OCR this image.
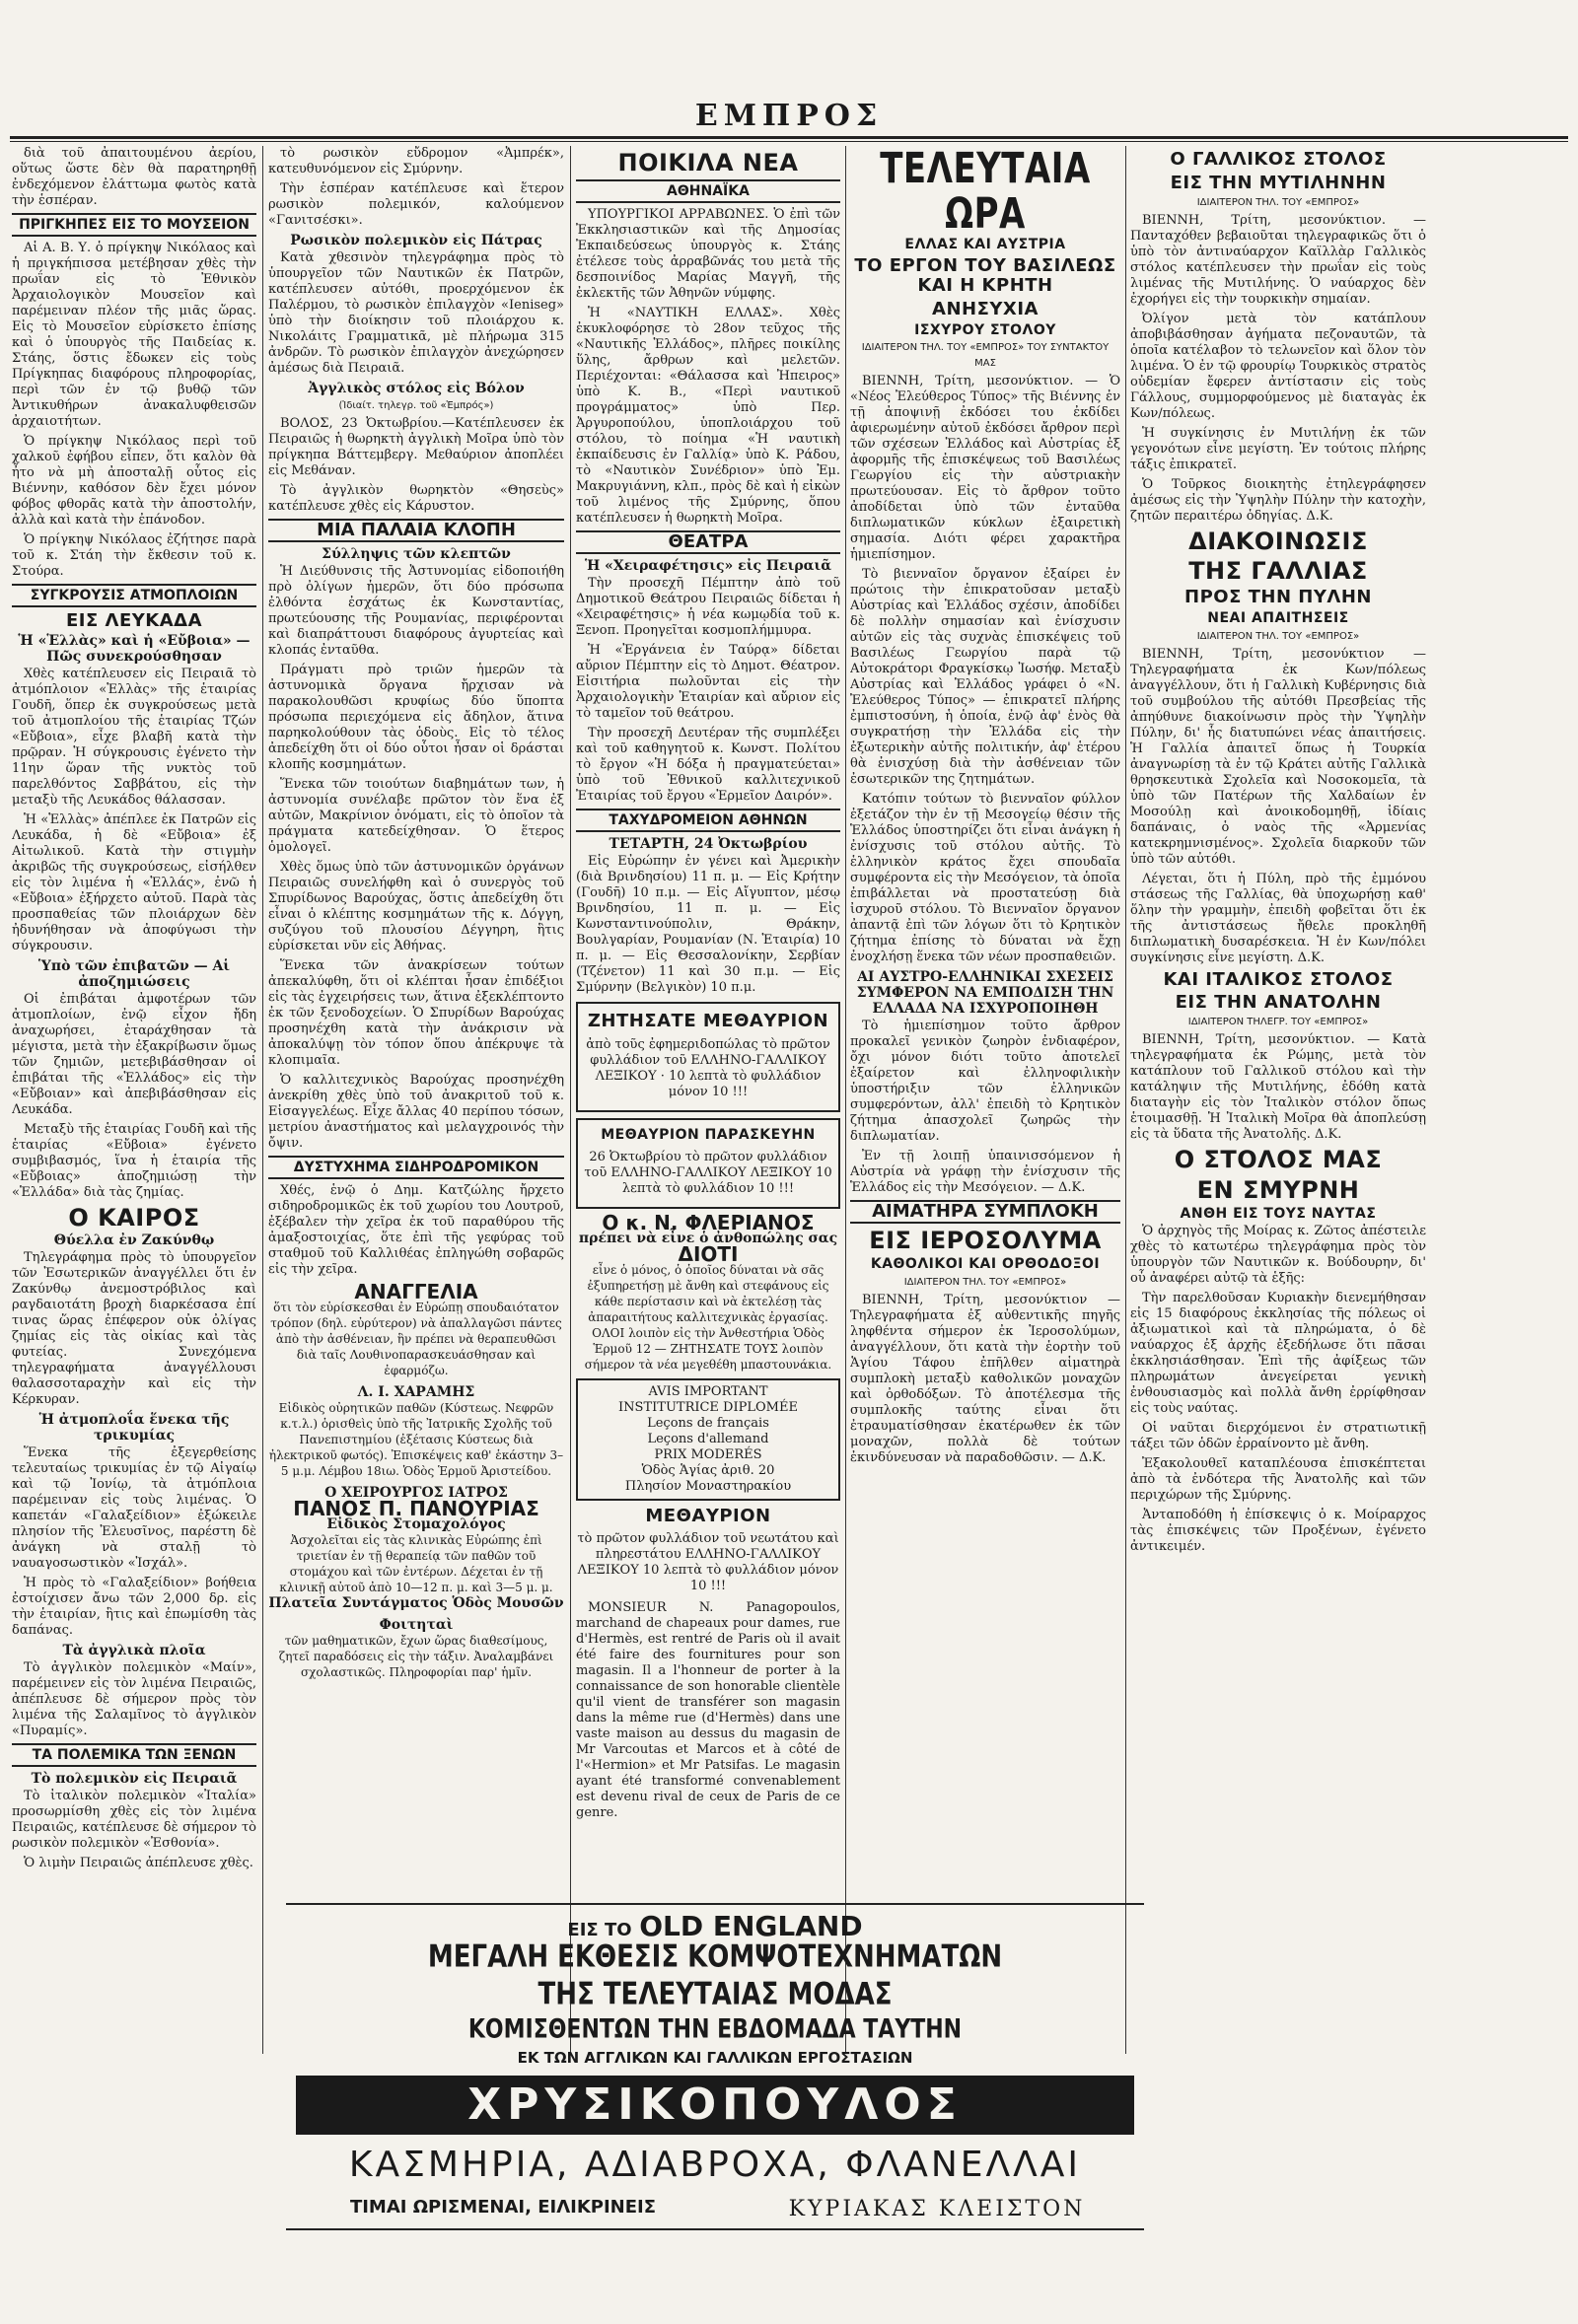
ΕΜΠΡΟΣ

διὰ τοῦ ἀπαιτουμένου ἀερίου, οὕτως ὥστε δὲν θὰ παρατηρηθῇ ἐνδεχόμενον ἐλάττωμα φωτὸς κατὰ τὴν ἑσπέραν.

ΠΡΙΓΚΗΠΕΣ ΕΙΣ ΤΟ ΜΟΥΣΕΙΟΝ

Αἱ Α. Β. Υ. ὁ πρίγκηψ Νικόλαος καὶ ἡ πριγκήπισσα μετέβησαν χθὲς τὴν πρωΐαν εἰς τὸ Ἐθνικὸν Ἀρχαιολογικὸν Μουσεῖον καὶ παρέμειναν πλέον τῆς μιᾶς ὥρας. Εἰς τὸ Μουσεῖον εὑρίσκετο ἐπίσης καὶ ὁ ὑπουργὸς τῆς Παιδείας κ. Στάης, ὅστις ἔδωκεν εἰς τοὺς Πρίγκηπας διαφόρους πληροφορίας, περὶ τῶν ἐν τῷ βυθῷ τῶν Ἀντικυθήρων ἀνακαλυφθεισῶν ἀρχαιοτήτων.

Ὁ πρίγκηψ Νικόλαος περὶ τοῦ χαλκοῦ ἐφήβου εἶπεν, ὅτι καλὸν θὰ ἦτο νὰ μὴ ἀποσταλῇ οὗτος εἰς Βιέννην, καθόσον δὲν ἔχει μόνον φόβος φθορᾶς κατὰ τὴν ἀποστολήν, ἀλλὰ καὶ κατὰ τὴν ἐπάνοδον.

Ὁ πρίγκηψ Νικόλαος ἐζήτησε παρὰ τοῦ κ. Στάη τὴν ἔκθεσιν τοῦ κ. Στούρα.

ΣΥΓΚΡΟΥΣΙΣ ΑΤΜΟΠΛΟΙΩΝ
ΕΙΣ ΛΕΥΚΑΔΑ
Ἡ «Ἑλλὰς» καὶ ἡ «Εὔβοια» — Πῶς συνεκρούσθησαν

Χθὲς κατέπλευσεν εἰς Πειραιᾶ τὸ ἀτμόπλοιον «Ἑλλὰς» τῆς ἑταιρίας Γουδῆ, ὅπερ ἐκ συγκρούσεως μετὰ τοῦ ἀτμοπλοίου τῆς ἑταιρίας Τζών «Εὔβοια», εἶχε βλαβῆ κατὰ τὴν πρῷραν. Ἡ σύγκρουσις ἐγένετο τὴν 11ην ὥραν τῆς νυκτὸς τοῦ παρελθόντος Σαββάτου, εἰς τὴν μεταξὺ τῆς Λευκάδος θάλασσαν.

Ἡ «Ἑλλὰς» ἀπέπλεε ἐκ Πατρῶν εἰς Λευκάδα, ἡ δὲ «Εὔβοια» ἐξ Αἰτωλικοῦ. Κατὰ τὴν στιγμὴν ἀκριβῶς τῆς συγκρούσεως, εἰσήλθεν εἰς τὸν λιμένα ἡ «Ἑλλάς», ἐνῶ ἡ «Εὔβοια» ἐξήρχετο αὐτοῦ. Παρὰ τὰς προσπαθείας τῶν πλοιάρχων δὲν ἠδυνήθησαν νὰ ἀποφύγωσι τὴν σύγκρουσιν.

Ὑπὸ τῶν ἐπιβατῶν — Αἱ ἀποζημιώσεις

Οἱ ἐπιβάται ἀμφοτέρων τῶν ἀτμοπλοίων, ἐνῷ εἶχον ἤδη ἀναχωρήσει, ἐταράχθησαν τὰ μέγιστα, μετὰ τὴν ἐξακρίβωσιν ὅμως τῶν ζημιῶν, μετεβιβάσθησαν οἱ ἐπιβάται τῆς «Ἑλλάδος» εἰς τὴν «Εὔβοιαν» καὶ ἀπεβιβάσθησαν εἰς Λευκάδα.

Μεταξὺ τῆς ἑταιρίας Γουδῆ καὶ τῆς ἑταιρίας «Εὔβοια» ἐγένετο συμβιβασμός, ἵνα ἡ ἑταιρία τῆς «Εὔβοιας» ἀποζημιώσῃ τὴν «Ἑλλάδα» διὰ τὰς ζημίας.

Ο ΚΑΙΡΟΣ
Θύελλα ἐν Ζακύνθῳ

Τηλεγράφημα πρὸς τὸ ὑπουργεῖον τῶν Ἐσωτερικῶν ἀναγγέλλει ὅτι ἐν Ζακύνθῳ ἀνεμοστρόβιλος καὶ ραγδαιοτάτη βροχὴ διαρκέσασα ἐπί τινας ὥρας ἐπέφερον οὐκ ὀλίγας ζημίας εἰς τὰς οἰκίας καὶ τὰς φυτείας. Συνεχόμενα τηλεγραφήματα ἀναγγέλλουσι θαλασσοταραχὴν καὶ εἰς τὴν Κέρκυραν.

Ἡ ἀτμοπλοΐα ἕνεκα τῆς τρικυμίας

Ἕνεκα τῆς ἐξεγερθείσης τελευταίως τρικυμίας ἐν τῷ Αἰγαίῳ καὶ τῷ Ἰονίῳ, τὰ ἀτμόπλοια παρέμειναν εἰς τοὺς λιμένας. Ὁ καπετάν «Γαλαξείδιον» ἐξώκειλε πλησίον τῆς Ἐλευσῖνος, παρέστη δὲ ἀνάγκη νὰ σταλῇ τὸ ναυαγοσωστικὸν «Ἰσχάλ».

Ἡ πρὸς τὸ «Γαλαξείδιον» βοήθεια ἐστοίχισεν ἄνω τῶν 2,000 δρ. εἰς τὴν ἑταιρίαν, ἣτις καὶ ἐπωμίσθη τὰς δαπάνας.

Τὰ ἀγγλικὰ πλοῖα

Τὸ ἀγγλικὸν πολεμικὸν «Μαίν», παρέμεινεν εἰς τὸν λιμένα Πειραιῶς, ἀπέπλευσε δὲ σήμερον πρὸς τὸν λιμένα τῆς Σαλαμῖνος τὸ ἀγγλικὸν «Πυραμίς».

ΤΑ ΠΟΛΕΜΙΚΑ ΤΩΝ ΞΕΝΩΝ
Τὸ πολεμικὸν εἰς Πειραιᾶ

Τὸ ἰταλικὸν πολεμικὸν «Ἰταλία» προσωρμίσθη χθὲς εἰς τὸν λιμένα Πειραιῶς, κατέπλευσε δὲ σήμερον τὸ ρωσικὸν πολεμικὸν «Ἐσθονία».

Ὁ λιμὴν Πειραιῶς ἀπέπλευσε χθὲς.

τὸ ρωσικὸν εὔδρομον «Ἀμπρέκ», κατευθυνόμενον εἰς Σμύρνην.

Τὴν ἑσπέραν κατέπλευσε καὶ ἕτερον ρωσικὸν πολεμικόν, καλούμενον «Γανιτσέσκι».

Ρωσικὸν πολεμικὸν εἰς Πάτρας

Κατὰ χθεσινὸν τηλεγράφημα πρὸς τὸ ὑπουργεῖον τῶν Ναυτικῶν ἐκ Πατρῶν, κατέπλευσεν αὐτόθι, προερχόμενον ἐκ Παλέρμου, τὸ ρωσικὸν ἐπιλαγχὸν «Ieniseg» ὑπὸ τὴν διοίκησιν τοῦ πλοιάρχου κ. Νικολάιτς Γραμματικᾶ, μὲ πλήρωμα 315 ἀνδρῶν. Τὸ ρωσικὸν ἐπιλαγχὸν ἀνεχώρησεν ἀμέσως διὰ Πειραιᾶ.

Ἀγγλικὸς στόλος εἰς Βόλον
(Ἰδιαίτ. τηλεγρ. τοῦ «Ἐμπρός»)

ΒΟΛΟΣ, 23 Ὀκτωβρίου.—Κατέπλευσεν ἐκ Πειραιῶς ἡ θωρηκτὴ ἀγγλικὴ Μοῖρα ὑπὸ τὸν πρίγκηπα Βάττεμβεργ. Μεθαύριον ἀποπλέει εἰς Μεθάναν.

Τὸ ἀγγλικὸν θωρηκτὸν «Θησεὺς» κατέπλευσε χθὲς εἰς Κάρυστον.

ΜΙΑ ΠΑΛΑΙΑ ΚΛΟΠΗ
Σύλληψις τῶν κλεπτῶν

Ἡ Διεύθυνσις τῆς Ἀστυνομίας εἰδοποιήθη πρὸ ὀλίγων ἡμερῶν, ὅτι δύο πρόσωπα ἐλθόντα ἐσχάτως ἐκ Κωνσταντίας, πρωτεύουσης τῆς Ρουμανίας, περιφέρονται καὶ διαπράττουσι διαφόρους ἀγυρτείας καὶ κλοπάς ἐνταῦθα.

Πράγματι πρὸ τριῶν ἡμερῶν τὰ ἀστυνομικὰ ὄργανα ἤρχισαν νὰ παρακολουθῶσι κρυφίως δύο ὕποπτα πρόσωπα περιεχόμενα εἰς ἄδηλον, ἅτινα παρηκολούθουν τὰς ὁδοὺς. Εἰς τὸ τέλος ἀπεδείχθη ὅτι οἱ δύο οὗτοι ἦσαν οἱ δράσται κλοπῆς κοσμημάτων.

Ἕνεκα τῶν τοιούτων διαβημάτων των, ἡ ἀστυνομία συνέλαβε πρῶτον τὸν ἕνα ἐξ αὐτῶν, Μακρίνιον ὀνόματι, εἰς τὸ ὁποῖον τὰ πράγματα κατεδείχθησαν. Ὁ ἕτερος ὁμολογεῖ.

Χθὲς ὅμως ὑπὸ τῶν ἀστυνομικῶν ὀργάνων Πειραιῶς συνελήφθη καὶ ὁ συνεργὸς τοῦ Σπυρίδωνος Βαρούχας, ὅστις ἀπεδείχθη ὅτι εἶναι ὁ κλέπτης κοσμημάτων τῆς κ. Δόγγη, συζύγου τοῦ πλουσίου Δέγγηρη, ἣτις εὑρίσκεται νῦν εἰς Ἀθήνας.

Ἕνεκα τῶν ἀνακρίσεων τούτων ἀπεκαλύφθη, ὅτι οἱ κλέπται ἦσαν ἐπιδέξιοι εἰς τὰς ἐγχειρήσεις των, ἅτινα ἐξεκλέπτοντο ἐκ τῶν ξενοδοχείων. Ὁ Σπυρίδων Βαρούχας προσηνέχθη κατὰ τὴν ἀνάκρισιν νὰ ἀποκαλύψῃ τὸν τόπον ὅπου ἀπέκρυψε τὰ κλοπιμαῖα.

Ὁ καλλιτεχνικὸς Βαρούχας προσηνέχθη ἀνεκρίθη χθὲς ὑπὸ τοῦ ἀνακριτοῦ τοῦ κ. Εἰσαγγελέως. Εἶχε ἄλλας 40 περίπου τόσων, μετρίου ἀναστήματος καὶ μελαγχροινός τὴν ὄψιν.

ΔΥΣΤΥΧΗΜΑ ΣΙΔΗΡΟΔΡΟΜΙΚΟΝ

Χθές, ἑνῷ ὁ Δημ. Κατζώλης ἤρχετο σιδηροδρομικῶς ἐκ τοῦ χωρίου του Λουτροῦ, ἐξέβαλεν τὴν χεῖρα ἐκ τοῦ παραθύρου τῆς ἀμαξοστοιχίας, ὅτε ἐπὶ τῆς γεφύρας τοῦ σταθμοῦ τοῦ Καλλιθέας ἐπληγώθη σοβαρῶς εἰς τὴν χεῖρα.

ΑΝΑΓΓΕΛΙΑ
ὅτι τὸν εὑρίσκεσθαι ἐν Εὐρώπῃ σπουδαιότατον τρόπον (δηλ. εὐρύτερον) νὰ ἀπαλλαγῶσι πάντες ἀπὸ τὴν ἀσθένειαν, ἣν πρέπει νὰ θεραπευθῶσι διὰ ταῖς Λουθινοπαρασκευάσθησαν καὶ ἐφαρμόζω.
Λ. Ι. ΧΑΡΑΜΗΣ
Εἰδικὸς οὐρητικῶν παθῶν (Κύστεως. Νεφρῶν κ.τ.λ.) ὁρισθεὶς ὑπὸ τῆς Ἰατρικῆς Σχολῆς τοῦ Πανεπιστημίου (ἐξέτασις Κύστεως διὰ ἠλεκτρικοῦ φωτός). Ἐπισκέψεις καθ' ἑκάστην 3–5 μ.μ. Λέμβου 18ιω. Ὁδὸς Ἑρμοῦ Ἀριστείδου.
Ο ΧΕΙΡΟΥΡΓΟΣ ΙΑΤΡΟΣ
ΠΑΝΟΣ Π. ΠΑΝΟΥΡΙΑΣ
Εἰδικὸς Στομαχολόγος
Ἀσχολεῖται εἰς τὰς κλινικὰς Εὐρώπης ἐπὶ τριετίαν ἐν τῇ θεραπείᾳ τῶν παθῶν τοῦ στομάχου καὶ τῶν ἐντέρων. Δέχεται ἐν τῇ κλινικῇ αὐτοῦ ἀπὸ 10—12 π. μ. καὶ 3—5 μ. μ.
Πλατεῖα Συντάγματος Ὁδὸς Μουσῶν
Φοιτηταὶ
τῶν μαθηματικῶν, ἔχων ὥρας διαθεσίμους, ζητεῖ παραδόσεις εἰς τὴν τάξιν. Ἀναλαμβάνει σχολαστικῶς. Πληροφορίαι παρ' ἡμῖν.
ΠΟΙΚΙΛΑ ΝΕΑ
ΑΘΗΝΑΪΚΑ

ΥΠΟΥΡΓΙΚΟΙ ΑΡΡΑΒΩΝΕΣ. Ὁ ἐπὶ τῶν Ἐκκλησιαστικῶν καὶ τῆς Δημοσίας Ἐκπαιδεύσεως ὑπουργὸς κ. Στάης ἐτέλεσε τοὺς ἀρραβῶνάς του μετὰ τῆς δεσποινίδος Μαρίας Μαγγῆ, τῆς ἐκλεκτῆς τῶν Ἀθηνῶν νύμφης.

Ἡ «ΝΑΥΤΙΚΗ ΕΛΛΑΣ». Χθὲς ἐκυκλοφόρησε τὸ 28ον τεῦχος τῆς «Ναυτικῆς Ἑλλάδος», πλῆρες ποικίλης ὕλης, ἄρθρων καὶ μελετῶν. Περιέχονται: «Θάλασσα καὶ Ἠπειρος» ὑπὸ Κ. Β., «Περὶ ναυτικοῦ προγράμματος» ὑπὸ Περ. Ἀργυροπούλου, ὑποπλοιάρχου τοῦ στόλου, τὸ ποίημα «Ἡ ναυτικὴ ἐκπαίδευσις ἐν Γαλλίᾳ» ὑπὸ Κ. Ράδου, τὸ «Ναυτικὸν Συνέδριον» ὑπὸ Ἐμ. Μακρυγιάννη, κλπ., πρὸς δὲ καὶ ἡ εἰκὼν τοῦ λιμένος τῆς Σμύρνης, ὅπου κατέπλευσεν ἡ θωρηκτὴ Μοῖρα.

ΘΕΑΤΡΑ
Ἡ «Χειραφέτησις» εἰς Πειραιᾶ

Τὴν προσεχῆ Πέμπτην ἀπὸ τοῦ Δημοτικοῦ Θεάτρου Πειραιῶς δίδεται ἡ «Χειραφέτησις» ἡ νέα κωμῳδία τοῦ κ. Ξενοπ. Προηγεῖται κοσμοπλήμμυρα.

Ἡ «Ἐργάνεια ἐν Ταύρᾳ» δίδεται αὔριον Πέμπτην εἰς τὸ Δημοτ. Θέατρον. Εἰσιτήρια πωλοῦνται εἰς τὴν Ἀρχαιολογικὴν Ἑταιρίαν καὶ αὔριον εἰς τὸ ταμεῖον τοῦ θεάτρου.

Τὴν προσεχῆ Δευτέραν τῆς συμπλέξει καὶ τοῦ καθηγητοῦ κ. Κωνστ. Πολίτου τὸ ἔργον «Ἡ δόξα ἡ πραγματεύεται» ὑπὸ τοῦ Ἐθνικοῦ καλλιτεχνικοῦ Ἐταιρίας τοῦ ἔργου «Ἐρμεῖον Δαιρόν».

ΤΑΧΥΔΡΟΜΕΙΟΝ ΑΘΗΝΩΝ
ΤΕΤΑΡΤΗ, 24 Ὀκτωβρίου

Εἰς Εὐρώπην ἐν γένει καὶ Ἀμερικὴν (διὰ Βρινδησίου) 11 π. μ. — Εἰς Κρήτην (Γουδῆ) 10 π.μ. — Εἰς Αἴγυπτον, μέσῳ Βρινδησίου, 11 π. μ. — Εἰς Κωνσταντινούπολιν, Θράκην, Βουλγαρίαν, Ρουμανίαν (Ν. Ἑταιρία) 10 π. μ. — Εἰς Θεσσαλονίκην, Σερβίαν (Τζένετον) 11 καὶ 30 π.μ. — Εἰς Σμύρνην (Βελγικὸν) 10 π.μ.

ΖΗΤΗΣΑΤΕ ΜΕΘΑΥΡΙΟΝ
ἀπὸ τοῦς ἐφημεριδοπώλας τὸ πρῶτον φυλλάδιον τοῦ ΕΛΛΗΝΟ-ΓΑΛΛΙΚΟΥ ΛΕΞΙΚΟΥ · 10 λεπτὰ τὸ φυλλάδιον μόνον 10 !!!
ΜΕΘΑΥΡΙΟΝ ΠΑΡΑΣΚΕΥΗΝ
26 Ὀκτωβρίου τὸ πρῶτον φυλλάδιον τοῦ ΕΛΛΗΝΟ-ΓΑΛΛΙΚΟΥ ΛΕΞΙΚΟΥ 10 λεπτὰ τὸ φυλλάδιον 10 !!!
Ο κ. Ν. ΦΛΕΡΙΑΝΟΣ
πρέπει νὰ εἶνε ὁ ἀνθοπώλης σας
ΔΙΟΤΙ
εἶνε ὁ μόνος, ὁ ὁποῖος δύναται νὰ σᾶς ἐξυπηρετήσῃ μὲ ἄνθη καὶ στεφάνους εἰς κάθε περίστασιν καὶ νὰ ἐκτελέσῃ τὰς ἀπαραιτήτους καλλιτεχνικὰς ἐργασίας.
ΟΛΟΙ λοιπὸν εἰς τὴν Ἀνθεστήρια Ὁδὸς Ἑρμοῦ 12 — ΖΗΤΗΣΑΤΕ ΤΟΥΣ λοιπὸν σήμερον τὰ νέα μεγεθέθη μπαστουνάκια.
AVIS IMPORTANT
INSTITUTRICE DIPLOMÉE
Leçons de français
Leçons d'allemand
PRIX MODERÉS
Ὁδὸς Ἁγίας ἀριθ. 20
Πλησίον Μοναστηρακίου
ΜΕΘΑΥΡΙΟΝ
τὸ πρῶτον φυλλάδιον τοῦ νεωτάτου καὶ πληρεστάτου ΕΛΛΗΝΟ-ΓΑΛΛΙΚΟΥ ΛΕΞΙΚΟΥ 10 λεπτὰ τὸ φυλλάδιον μόνον 10 !!!

MONSIEUR N. Panagopoulos, marchand de chapeaux pour dames, rue d'Hermès, est rentré de Paris où il avait été faire des fournitures pour son magasin. Il a l'honneur de porter à la connaissance de son honorable clientèle qu'il vient de transférer son magasin dans la même rue (d'Hermès) dans une vaste maison au dessus du magasin de Mr Varcoutas et Marcos et à côté de l'«Hermion» et Mr Patsifas. Le magasin ayant été transformé convenablement est devenu rival de ceux de Paris de ce genre.

ΤΕΛΕΥΤΑΙΑ ΩΡΑ
ΕΛΛΑΣ ΚΑΙ ΑΥΣΤΡΙΑ
ΤΟ ΕΡΓΟΝ ΤΟΥ ΒΑΣΙΛΕΩΣ ΚΑΙ Η ΚΡΗΤΗ
ΑΝΗΣΥΧΙΑ
ΙΣΧΥΡΟΥ ΣΤΟΛΟΥ
ΙΔΙΑΙΤΕΡΟΝ ΤΗΛ. ΤΟΥ «ΕΜΠΡΟΣ» ΤΟΥ ΣΥΝΤΑΚΤΟΥ ΜΑΣ

ΒΙΕΝΝΗ, Τρίτη, μεσονύκτιον. — Ὁ «Νέος Ἐλεύθερος Τύπος» τῆς Βιέννης ἐν τῇ ἀποψινῇ ἐκδόσει του ἐκδίδει ἀφιερωμένην αὐτοῦ ἐκδόσει ἄρθρον περὶ τῶν σχέσεων Ἑλλάδος καὶ Αὐστρίας ἐξ ἀφορμῆς τῆς ἐπισκέψεως τοῦ Βασιλέως Γεωργίου εἰς τὴν αὐστριακὴν πρωτεύουσαν. Εἰς τὸ ἄρθρον τοῦτο ἀποδίδεται ὑπὸ τῶν ἐνταῦθα διπλωματικῶν κύκλων ἐξαιρετικὴ σημασία. Διότι φέρει χαρακτῆρα ἡμιεπίσημον.

Τὸ βιενναῖον ὄργανον ἐξαίρει ἐν πρώτοις τὴν ἐπικρατοῦσαν μεταξὺ Αὐστρίας καὶ Ἑλλάδος σχέσιν, ἀποδίδει δὲ πολλὴν σημασίαν καὶ ἐνίσχυσιν αὐτῶν εἰς τὰς συχνὰς ἐπισκέψεις τοῦ Βασιλέως Γεωργίου παρὰ τῷ Αὐτοκράτορι Φραγκίσκῳ Ἰωσήφ. Μεταξὺ Αὐστρίας καὶ Ἑλλάδος γράφει ὁ «Ν. Ἐλεύθερος Τύπος» — ἐπικρατεῖ πλήρης ἐμπιστοσύνη, ἡ ὁποία, ἐνῷ ἀφ' ἑνὸς θὰ συγκρατήσῃ τὴν Ἑλλάδα εἰς τὴν ἐξωτερικὴν αὐτῆς πολιτικήν, ἀφ' ἑτέρου θὰ ἐνισχύσῃ διὰ τὴν ἀσθένειαν τῶν ἐσωτερικῶν της ζητημάτων.

Κατόπιν τούτων τὸ βιενναῖον φύλλον ἐξετάζον τὴν ἐν τῇ Μεσογείῳ θέσιν τῆς Ἑλλάδος ὑποστηρίζει ὅτι εἶναι ἀνάγκη ἡ ἐνίσχυσις τοῦ στόλου αὐτῆς. Τὸ ἑλληνικὸν κράτος ἔχει σπουδαῖα συμφέροντα εἰς τὴν Μεσόγειον, τὰ ὁποῖα ἐπιβάλλεται νὰ προστατεύσῃ διὰ ἰσχυροῦ στόλου. Τὸ Βιενναῖον ὄργανον ἀπαντᾷ ἐπὶ τῶν λόγων ὅτι τὸ Κρητικὸν ζήτημα ἐπίσης τὸ δύναται νὰ ἔχῃ ἐνοχλήσῃ ἕνεκα τῶν νέων προσπαθειῶν.

ΑΙ ΑΥΣΤΡΟ-ΕΛΛΗΝΙΚΑΙ ΣΧΕΣΕΙΣ ΣΥΜΦΕΡΟΝ ΝΑ ΕΜΠΟΔΙΣΗ ΤΗΝ ΕΛΛΑΔΑ ΝΑ ΙΣΧΥΡΟΠΟΙΗΘΗ

Τὸ ἡμιεπίσημον τοῦτο ἄρθρον προκαλεῖ γενικὸν ζωηρὸν ἐνδιαφέρον, ὄχι μόνον διότι τοῦτο ἀποτελεῖ ἐξαίρετον καὶ ἐλληνοφιλικὴν ὑποστήριξιν τῶν ἐλληνικῶν συμφερόντων, ἀλλ' ἐπειδὴ τὸ Κρητικὸν ζήτημα ἀπασχολεῖ ζωηρῶς τὴν διπλωματίαν.

Ἐν τῇ λοιπῇ ὑπαινισσόμενον ἡ Αὐστρία νὰ γράφῃ τὴν ἐνίσχυσιν τῆς Ἑλλάδος εἰς τὴν Μεσόγειον. — Δ.Κ.

ΑΙΜΑΤΗΡΑ ΣΥΜΠΛΟΚΗ
ΕΙΣ ΙΕΡΟΣΟΛΥΜΑ
ΚΑΘΟΛΙΚΟΙ ΚΑΙ ΟΡΘΟΔΟΞΟΙ
ΙΔΙΑΙΤΕΡΟΝ ΤΗΛ. ΤΟΥ «ΕΜΠΡΟΣ»

ΒΙΕΝΝΗ, Τρίτη, μεσονύκτιον — Τηλεγραφήματα ἐξ αὐθεντικῆς πηγῆς ληφθέντα σήμερον ἐκ Ἱεροσολύμων, ἀναγγέλλουν, ὅτι κατὰ τὴν ἑορτὴν τοῦ Ἁγίου Τάφου ἐπῆλθεν αἱματηρὰ συμπλοκὴ μεταξὺ καθολικῶν μοναχῶν καὶ ὀρθοδόξων. Τὸ ἀποτέλεσμα τῆς συμπλοκῆς ταύτης εἶναι ὅτι ἐτραυματίσθησαν ἐκατέρωθεν ἐκ τῶν μοναχῶν, πολλὰ δὲ τούτων ἐκινδύνευσαν νὰ παραδοθῶσιν. — Δ.Κ.

Ο ΓΑΛΛΙΚΟΣ ΣΤΟΛΟΣ
ΕΙΣ ΤΗΝ ΜΥΤΙΛΗΝΗΝ
ΙΔΙΑΙΤΕΡΟΝ ΤΗΛ. ΤΟΥ «ΕΜΠΡΟΣ»

ΒΙΕΝΝΗ, Τρίτη, μεσονύκτιον. — Πανταχόθεν βεβαιοῦται τηλεγραφικῶς ὅτι ὁ ὑπὸ τὸν ἀντιναύαρχον Καϊλλὰρ Γαλλικὸς στόλος κατέπλευσεν τὴν πρωΐαν εἰς τοὺς λιμένας τῆς Μυτιλήνης. Ὁ ναύαρχος δὲν ἐχορήγει εἰς τὴν τουρκικὴν σημαίαν.

Ὀλίγον μετὰ τὸν κατάπλουν ἀποβιβάσθησαν ἀγήματα πεζοναυτῶν, τὰ ὁποῖα κατέλαβον τὸ τελωνεῖον καὶ ὅλον τὸν λιμένα. Ὁ ἐν τῷ φρουρίῳ Τουρκικὸς στρατὸς οὐδεμίαν ἔφερεν ἀντίστασιν εἰς τοὺς Γάλλους, συμμορφούμενος μὲ διαταγὰς ἐκ Κων/πόλεως.

Ἡ συγκίνησις ἐν Μυτιλήνῃ ἐκ τῶν γεγονότων εἶνε μεγίστη. Ἐν τούτοις πλήρης τάξις ἐπικρατεῖ.

Ὁ Τοῦρκος διοικητὴς ἐτηλεγράφησεν ἀμέσως εἰς τὴν Ὑψηλὴν Πύλην τὴν κατοχὴν, ζητῶν περαιτέρω ὁδηγίας. Δ.Κ.

ΔΙΑΚΟΙΝΩΣΙΣ
ΤΗΣ ΓΑΛΛΙΑΣ
ΠΡΟΣ ΤΗΝ ΠΥΛΗΝ
ΝΕΑΙ ΑΠΑΙΤΗΣΕΙΣ
ΙΔΙΑΙΤΕΡΟΝ ΤΗΛ. ΤΟΥ «ΕΜΠΡΟΣ»

ΒΙΕΝΝΗ, Τρίτη, μεσονύκτιον — Τηλεγραφήματα ἐκ Κων/πόλεως ἀναγγέλλουν, ὅτι ἡ Γαλλικὴ Κυβέρνησις διὰ τοῦ συμβούλου τῆς αὐτόθι Πρεσβείας τῆς ἀπηύθυνε διακοίνωσιν πρὸς τὴν Ὑψηλὴν Πύλην, δι' ἧς διατυπώνει νέας ἀπαιτήσεις. Ἡ Γαλλία ἀπαιτεῖ ὅπως ἡ Τουρκία ἀναγνωρίσῃ τὰ ἐν τῷ Κράτει αὐτῆς Γαλλικὰ θρησκευτικὰ Σχολεῖα καὶ Νοσοκομεῖα, τὰ ὑπὸ τῶν Πατέρων τῆς Χαλδαίων ἐν Μοσούλῃ καὶ ἀνοικοδομηθῇ, ἰδίαις δαπάναις, ὁ ναὸς τῆς «Ἀρμενίας κατεκρημνισμένος». Σχολεῖα διαρκοῦν τῶν ὑπὸ τῶν αὐτόθι.

Λέγεται, ὅτι ἡ Πύλη, πρὸ τῆς ἐμμόνου στάσεως τῆς Γαλλίας, θὰ ὑποχωρήσῃ καθ' ὅλην τὴν γραμμὴν, ἐπειδὴ φοβεῖται ὅτι ἐκ τῆς ἀντιστάσεως ἤθελε προκληθῆ διπλωματικὴ δυσαρέσκεια. Ἡ ἐν Κων/πόλει συγκίνησις εἶνε μεγίστη. Δ.Κ.

ΚΑΙ ΙΤΑΛΙΚΟΣ ΣΤΟΛΟΣ
ΕΙΣ ΤΗΝ ΑΝΑΤΟΛΗΝ
ΙΔΙΑΙΤΕΡΟΝ ΤΗΛΕΓΡ. ΤΟΥ «ΕΜΠΡΟΣ»

ΒΙΕΝΝΗ, Τρίτη, μεσονύκτιον. — Κατὰ τηλεγραφήματα ἐκ Ρώμης, μετὰ τὸν κατάπλουν τοῦ Γαλλικοῦ στόλου καὶ τὴν κατάληψιν τῆς Μυτιλήνης, ἐδόθη κατὰ διαταγὴν εἰς τὸν Ἰταλικὸν στόλον ὅπως ἑτοιμασθῇ. Ἡ Ἰταλικὴ Μοῖρα θὰ ἀποπλεύσῃ εἰς τὰ ὕδατα τῆς Ἀνατολῆς. Δ.Κ.

Ο ΣΤΟΛΟΣ ΜΑΣ
ΕΝ ΣΜΥΡΝΗ
ΑΝΘΗ ΕΙΣ ΤΟΥΣ ΝΑΥΤΑΣ

Ὁ ἀρχηγὸς τῆς Μοίρας κ. Ζῶτος ἀπέστειλε χθὲς τὸ κατωτέρω τηλεγράφημα πρὸς τὸν ὑπουργὸν τῶν Ναυτικῶν κ. Βούδουρην, δι' οὗ ἀναφέρει αὐτῷ τὰ ἑξῆς:

Τὴν παρελθοῦσαν Κυριακὴν διενεμήθησαν εἰς 15 διαφόρους ἐκκλησίας τῆς πόλεως οἱ ἀξιωματικοὶ καὶ τὰ πληρώματα, ὁ δὲ ναύαρχος ἐξ ἀρχῆς ἐξεδήλωσε ὅτι πᾶσαι ἐκκλησιάσθησαν. Ἐπὶ τῆς ἀφίξεως τῶν πληρωμάτων ἀνεγείρεται γενικὴ ἐνθουσιασμὸς καὶ πολλὰ ἄνθη ἐρρίφθησαν εἰς τοὺς ναύτας.

Οἱ ναῦται διερχόμενοι ἐν στρατιωτικῇ τάξει τῶν ὁδῶν ἐρραίνοντο μὲ ἄνθη.

Ἐξακολουθεῖ καταπλέουσα ἐπισκέπτεται ἀπὸ τὰ ἐνδότερα τῆς Ἀνατολῆς καὶ τῶν περιχώρων τῆς Σμύρνης.

Ἀνταποδόθη ἡ ἐπίσκεψις ὁ κ. Μοίραρχος τὰς ἐπισκέψεις τῶν Προξένων, ἐγένετο ἀντικειμέν.

ΕΙΣ ΤΟ OLD ENGLAND
ΜΕΓΑΛΗ ΕΚΘΕΣΙΣ ΚΟΜΨΟΤΕΧΝΗΜΑΤΩΝ
ΤΗΣ ΤΕΛΕΥΤΑΙΑΣ ΜΟΔΑΣ
ΚΟΜΙΣΘΕΝΤΩΝ ΤΗΝ ΕΒΔΟΜΑΔΑ ΤΑΥΤΗΝ
ΕΚ ΤΩΝ ΑΓΓΛΙΚΩΝ ΚΑΙ ΓΑΛΛΙΚΩΝ ΕΡΓΟΣΤΑΣΙΩΝ
ΧΡΥΣΙΚΟΠΟΥΛΟΣ
ΚΑΣΜΗΡΙΑ, ΑΔΙΑΒΡΟΧΑ, ΦΛΑΝΕΛΛΑΙ
ΤΙΜΑΙ ΩΡΙΣΜΕΝΑΙ, ΕΙΛΙΚΡΙΝΕΙΣ	ΚΥΡΙΑΚΑΣ ΚΛΕΙΣΤΟΝ
